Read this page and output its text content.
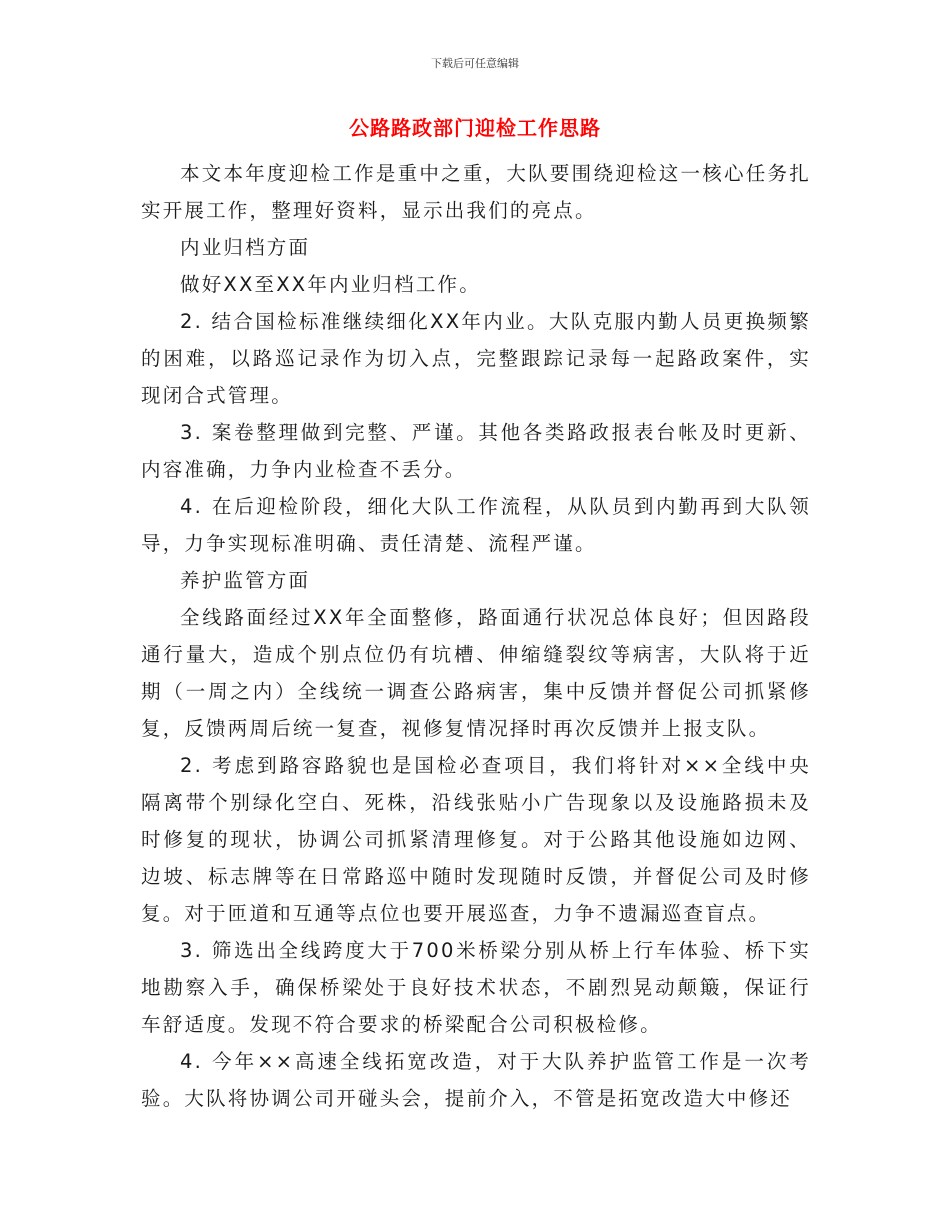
下载后可任意编辑
公路路政部门迎检工作思路

本文本年度迎检工作是重中之重，大队要围绕迎检这一核心任务扎实开展工作，整理好资料，显示出我们的亮点。

内业归档方面

做好XX至XX年内业归档工作。

2. 结合国检标准继续细化XX年内业。大队克服内勤人员更换频繁的困难，以路巡记录作为切入点，完整跟踪记录每一起路政案件，实现闭合式管理。

3. 案卷整理做到完整、严谨。其他各类路政报表台帐及时更新、内容准确，力争内业检查不丢分。

4. 在后迎检阶段，细化大队工作流程，从队员到内勤再到大队领导，力争实现标准明确、责任清楚、流程严谨。

养护监管方面

全线路面经过XX年全面整修，路面通行状况总体良好；但因路段通行量大，造成个别点位仍有坑槽、伸缩缝裂纹等病害，大队将于近期（一周之内）全线统一调查公路病害，集中反馈并督促公司抓紧修复，反馈两周后统一复查，视修复情况择时再次反馈并上报支队。

2. 考虑到路容路貌也是国检必查项目，我们将针对××全线中央隔离带个别绿化空白、死株，沿线张贴小广告现象以及设施路损未及时修复的现状，协调公司抓紧清理修复。对于公路其他设施如边网、边坡、标志牌等在日常路巡中随时发现随时反馈，并督促公司及时修复。对于匝道和互通等点位也要开展巡查，力争不遗漏巡查盲点。

3. 筛选出全线跨度大于700米桥梁分别从桥上行车体验、桥下实地勘察入手，确保桥梁处于良好技术状态，不剧烈晃动颠簸，保证行车舒适度。发现不符合要求的桥梁配合公司积极检修。

4. 今年××高速全线拓宽改造，对于大队养护监管工作是一次考验。大队将协调公司开碰头会，提前介入，不管是拓宽改造大中修还
